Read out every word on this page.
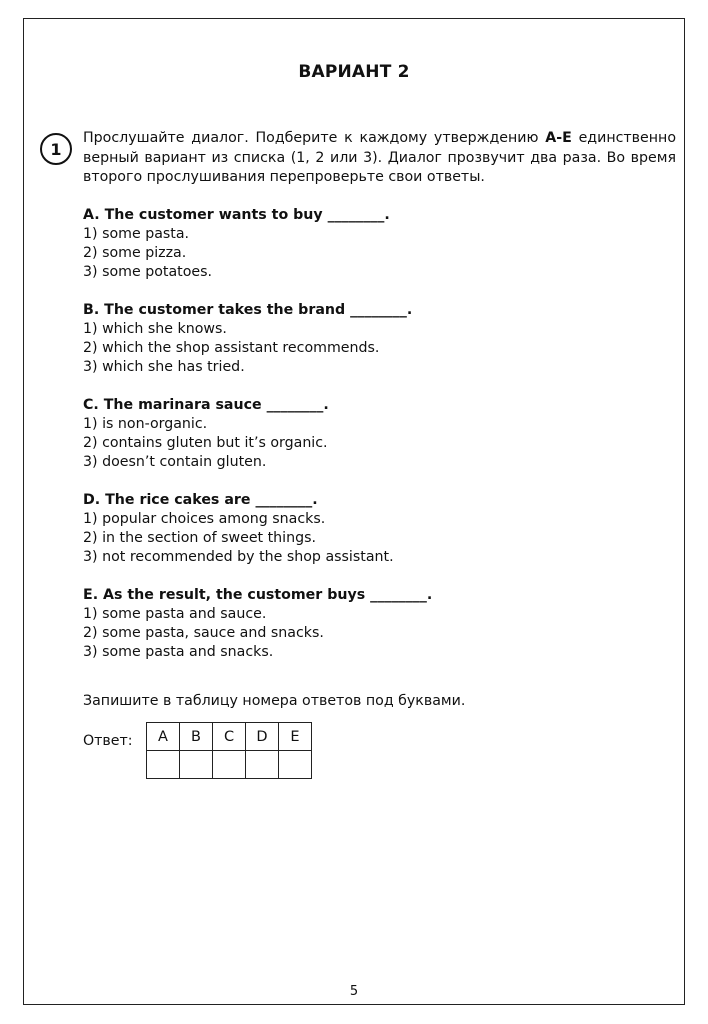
ВАРИАНТ 2
1
Прослушайте диалог. Подберите к каждому утверждению A-E единственно верный вариант из списка (1, 2 или 3). Диалог прозвучит два раза. Во время второго прослушивания перепроверьте свои ответы.
A. The customer wants to buy ________.
1) some pasta.
2) some pizza.
3) some potatoes.
B. The customer takes the brand ________.
1) which she knows.
2) which the shop assistant recommends.
3) which she has tried.
C. The marinara sauce ________.
1) is non-organic.
2) contains gluten but it’s organic.
3) doesn’t contain gluten.
D. The rice cakes are ________.
1) popular choices among snacks.
2) in the section of sweet things.
3) not recommended by the shop assistant.
E. As the result, the customer buys ________.
1) some pasta and sauce.
2) some pasta, sauce and snacks.
3) some pasta and snacks.
Запишите в таблицу номера ответов под буквами.
Ответ: A	B	C	D	E

5
